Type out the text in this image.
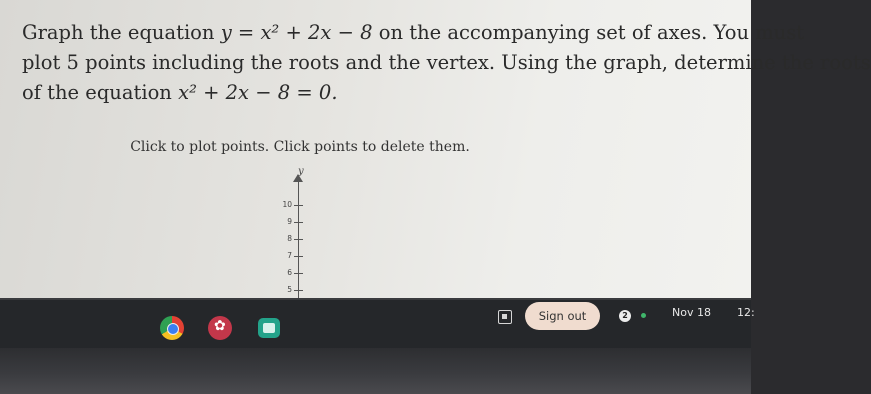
Graph the equation y = x² + 2x − 8 on the accompanying set of axes. You must
plot 5 points including the roots and the vertex. Using the graph, determine the roots
of the equation x² + 2x − 8 = 0.
Click to plot points. Click points to delete them.
y
10
9
8
7
6
5
✿
Sign out	2	Nov 18 12:
